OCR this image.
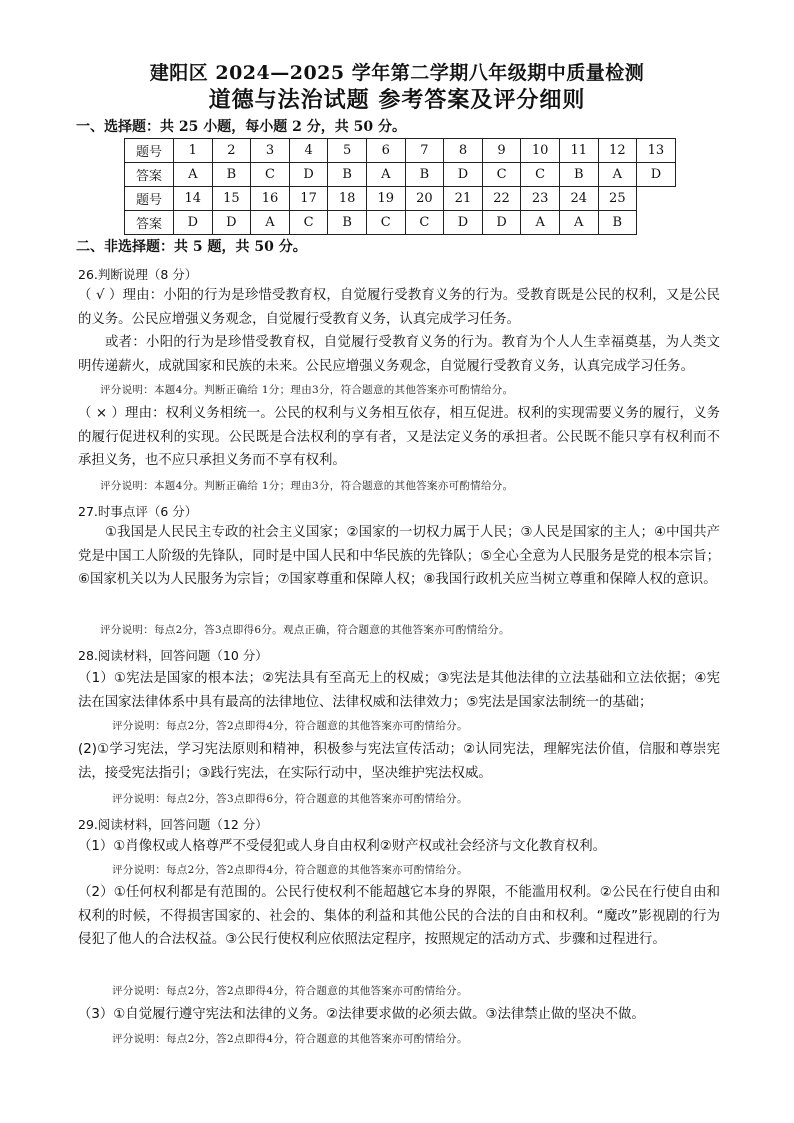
建阳区 2024—2025 学年第二学期八年级期中质量检测
道德与法治试题 参考答案及评分细则
一、选择题：共 25 小题，每小题 2 分，共 50 分。
题号	1	2	3	4	5	6	7	8	9	10	11	12	13
答案	A	B	C	D	B	A	B	D	C	C	B	A	D
题号	14	15	16	17	18	19	20	21	22	23	24	25	
答案	D	D	A	C	B	C	C	D	D	A	A	B	
二、非选择题：共 5 题，共 50 分。
26.判断说理（8 分）

（ √ ）理由：小阳的行为是珍惜受教育权，自觉履行受教育义务的行为。受教育既是公民的权利，又是公民的义务。公民应增强义务观念，自觉履行受教育义务，认真完成学习任务。

或者：小阳的行为是珍惜受教育权，自觉履行受教育义务的行为。教育为个人人生幸福奠基，为人类文明传递薪火，成就国家和民族的未来。公民应增强义务观念，自觉履行受教育义务，认真完成学习任务。

评分说明：本题4分。判断正确给 1分；理由3分，符合题意的其他答案亦可酌情给分。

（ × ）理由：权利义务相统一。公民的权利与义务相互依存，相互促进。权利的实现需要义务的履行，义务的履行促进权利的实现。公民既是合法权利的享有者，又是法定义务的承担者。公民既不能只享有权利而不承担义务，也不应只承担义务而不享有权利。

评分说明：本题4分。判断正确给 1分；理由3分，符合题意的其他答案亦可酌情给分。
27.时事点评（6 分）

①我国是人民民主专政的社会主义国家；②国家的一切权力属于人民；③人民是国家的主人；④中国共产党是中国工人阶级的先锋队，同时是中国人民和中华民族的先锋队；⑤全心全意为人民服务是党的根本宗旨；⑥国家机关以为人民服务为宗旨；⑦国家尊重和保障人权；⑧我国行政机关应当树立尊重和保障人权的意识。

评分说明：每点2分，答3点即得6分。观点正确，符合题意的其他答案亦可酌情给分。
28.阅读材料，回答问题（10 分）

（1）①宪法是国家的根本法；②宪法具有至高无上的权威；③宪法是其他法律的立法基础和立法依据；④宪法在国家法律体系中具有最高的法律地位、法律权威和法律效力；⑤宪法是国家法制统一的基础；

评分说明：每点2分，答2点即得4分，符合题意的其他答案亦可酌情给分。

(2)①学习宪法，学习宪法原则和精神，积极参与宪法宣传活动；②认同宪法，理解宪法价值，信服和尊崇宪法，接受宪法指引；③践行宪法，在实际行动中，坚决维护宪法权威。

评分说明：每点2分，答3点即得6分，符合题意的其他答案亦可酌情给分。
29.阅读材料，回答问题（12 分）

（1）①肖像权或人格尊严不受侵犯或人身自由权利②财产权或社会经济与文化教育权利。

评分说明：每点2分，答2点即得4分，符合题意的其他答案亦可酌情给分。

（2）①任何权利都是有范围的。公民行使权利不能超越它本身的界限，不能滥用权利。②公民在行使自由和权利的时候，不得损害国家的、社会的、集体的利益和其他公民的合法的自由和权利。“魔改”影视剧的行为侵犯了他人的合法权益。③公民行使权利应依照法定程序，按照规定的活动方式、步骤和过程进行。

评分说明：每点2分，答2点即得4分，符合题意的其他答案亦可酌情给分。

（3）①自觉履行遵守宪法和法律的义务。②法律要求做的必须去做。③法律禁止做的坚决不做。

评分说明：每点2分，答2点即得4分，符合题意的其他答案亦可酌情给分。
